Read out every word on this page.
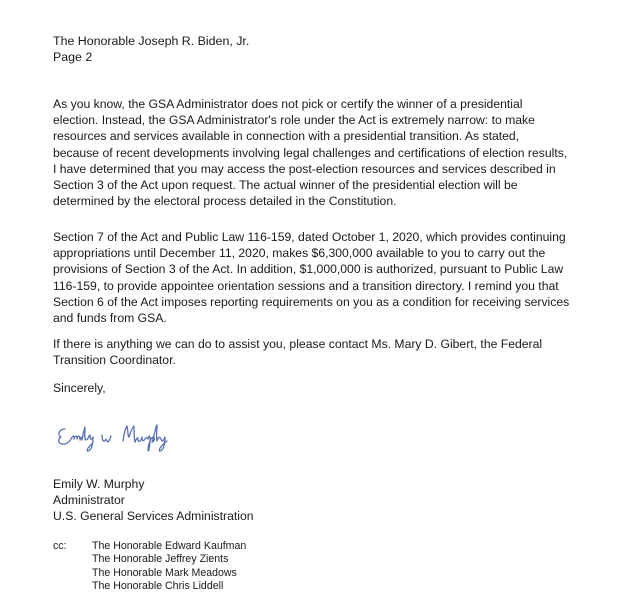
The Honorable Joseph R. Biden, Jr.
Page 2
As you know, the GSA Administrator does not pick or certify the winner of a presidential
election. Instead, the GSA Administrator's role under the Act is extremely narrow: to make
resources and services available in connection with a presidential transition. As stated,
because of recent developments involving legal challenges and certifications of election results,
I have determined that you may access the post-election resources and services described in
Section 3 of the Act upon request. The actual winner of the presidential election will be
determined by the electoral process detailed in the Constitution.
Section 7 of the Act and Public Law 116-159, dated October 1, 2020, which provides continuing
appropriations until December 11, 2020, makes $6,300,000 available to you to carry out the
provisions of Section 3 of the Act. In addition, $1,000,000 is authorized, pursuant to Public Law
116-159, to provide appointee orientation sessions and a transition directory. I remind you that
Section 6 of the Act imposes reporting requirements on you as a condition for receiving services
and funds from GSA.
If there is anything we can do to assist you, please contact Ms. Mary D. Gibert, the Federal
Transition Coordinator.
Sincerely,
Emily W. Murphy
Administrator
U.S. General Services Administration
cc: The Honorable Edward Kaufman
The Honorable Jeffrey Zients
The Honorable Mark Meadows
The Honorable Chris Liddell
